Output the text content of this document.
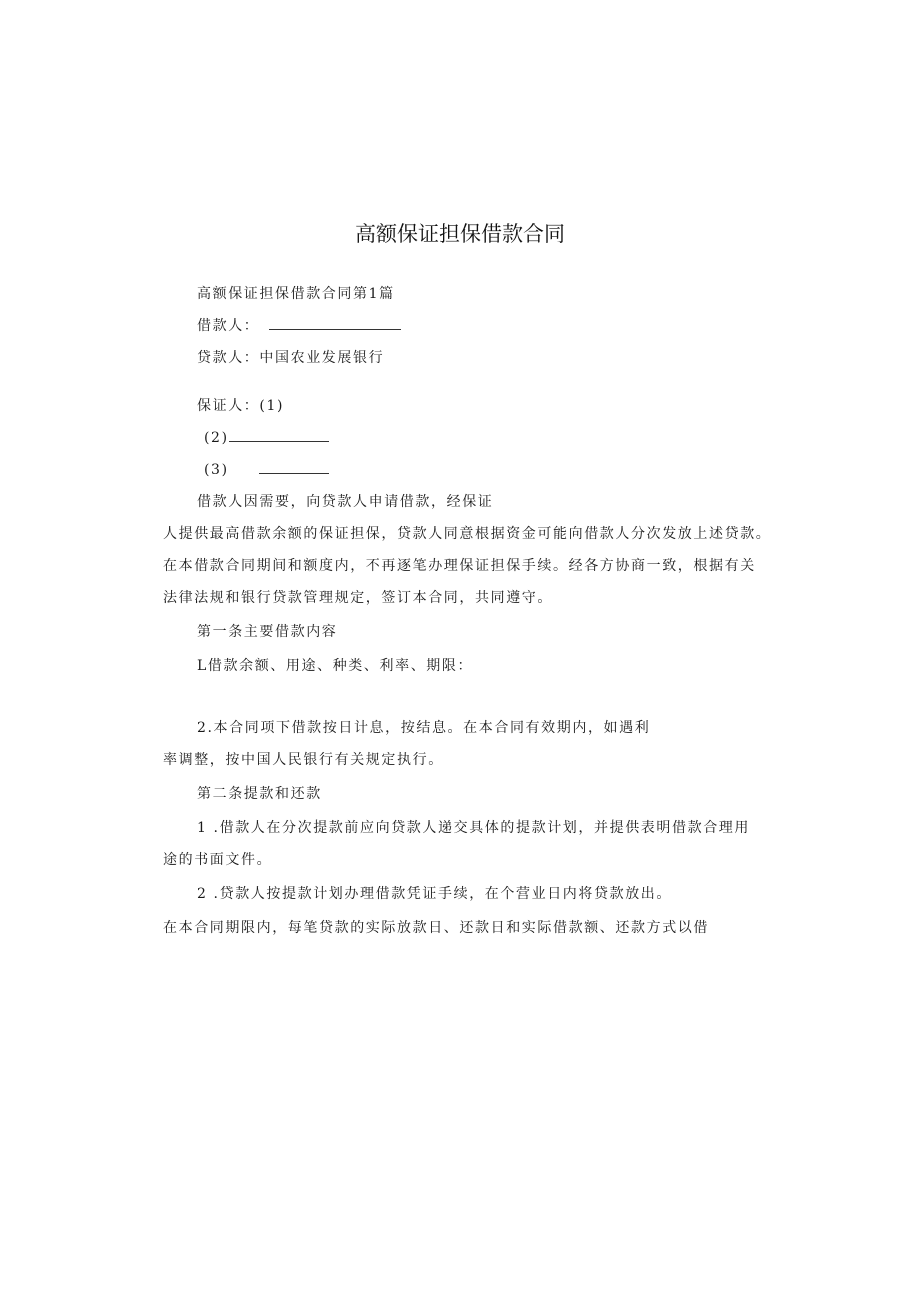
高额保证担保借款合同
高额保证担保借款合同第1篇
借款人：
贷款人：中国农业发展银行
保证人：(1)
(2)
(3)
借款人因需要，向贷款人申请借款，经保证
人提供最高借款余额的保证担保，贷款人同意根据资金可能向借款人分次发放上述贷款。
在本借款合同期间和额度内，不再逐笔办理保证担保手续。经各方协商一致，根据有关
法律法规和银行贷款管理规定，签订本合同，共同遵守。
第一条主要借款内容
L借款余额、用途、种类、利率、期限：
2.本合同项下借款按日计息，按结息。在本合同有效期内，如遇利
率调整，按中国人民银行有关规定执行。
第二条提款和还款
1 .借款人在分次提款前应向贷款人递交具体的提款计划，并提供表明借款合理用
途的书面文件。
2 .贷款人按提款计划办理借款凭证手续，在个营业日内将贷款放出。
在本合同期限内，每笔贷款的实际放款日、还款日和实际借款额、还款方式以借
